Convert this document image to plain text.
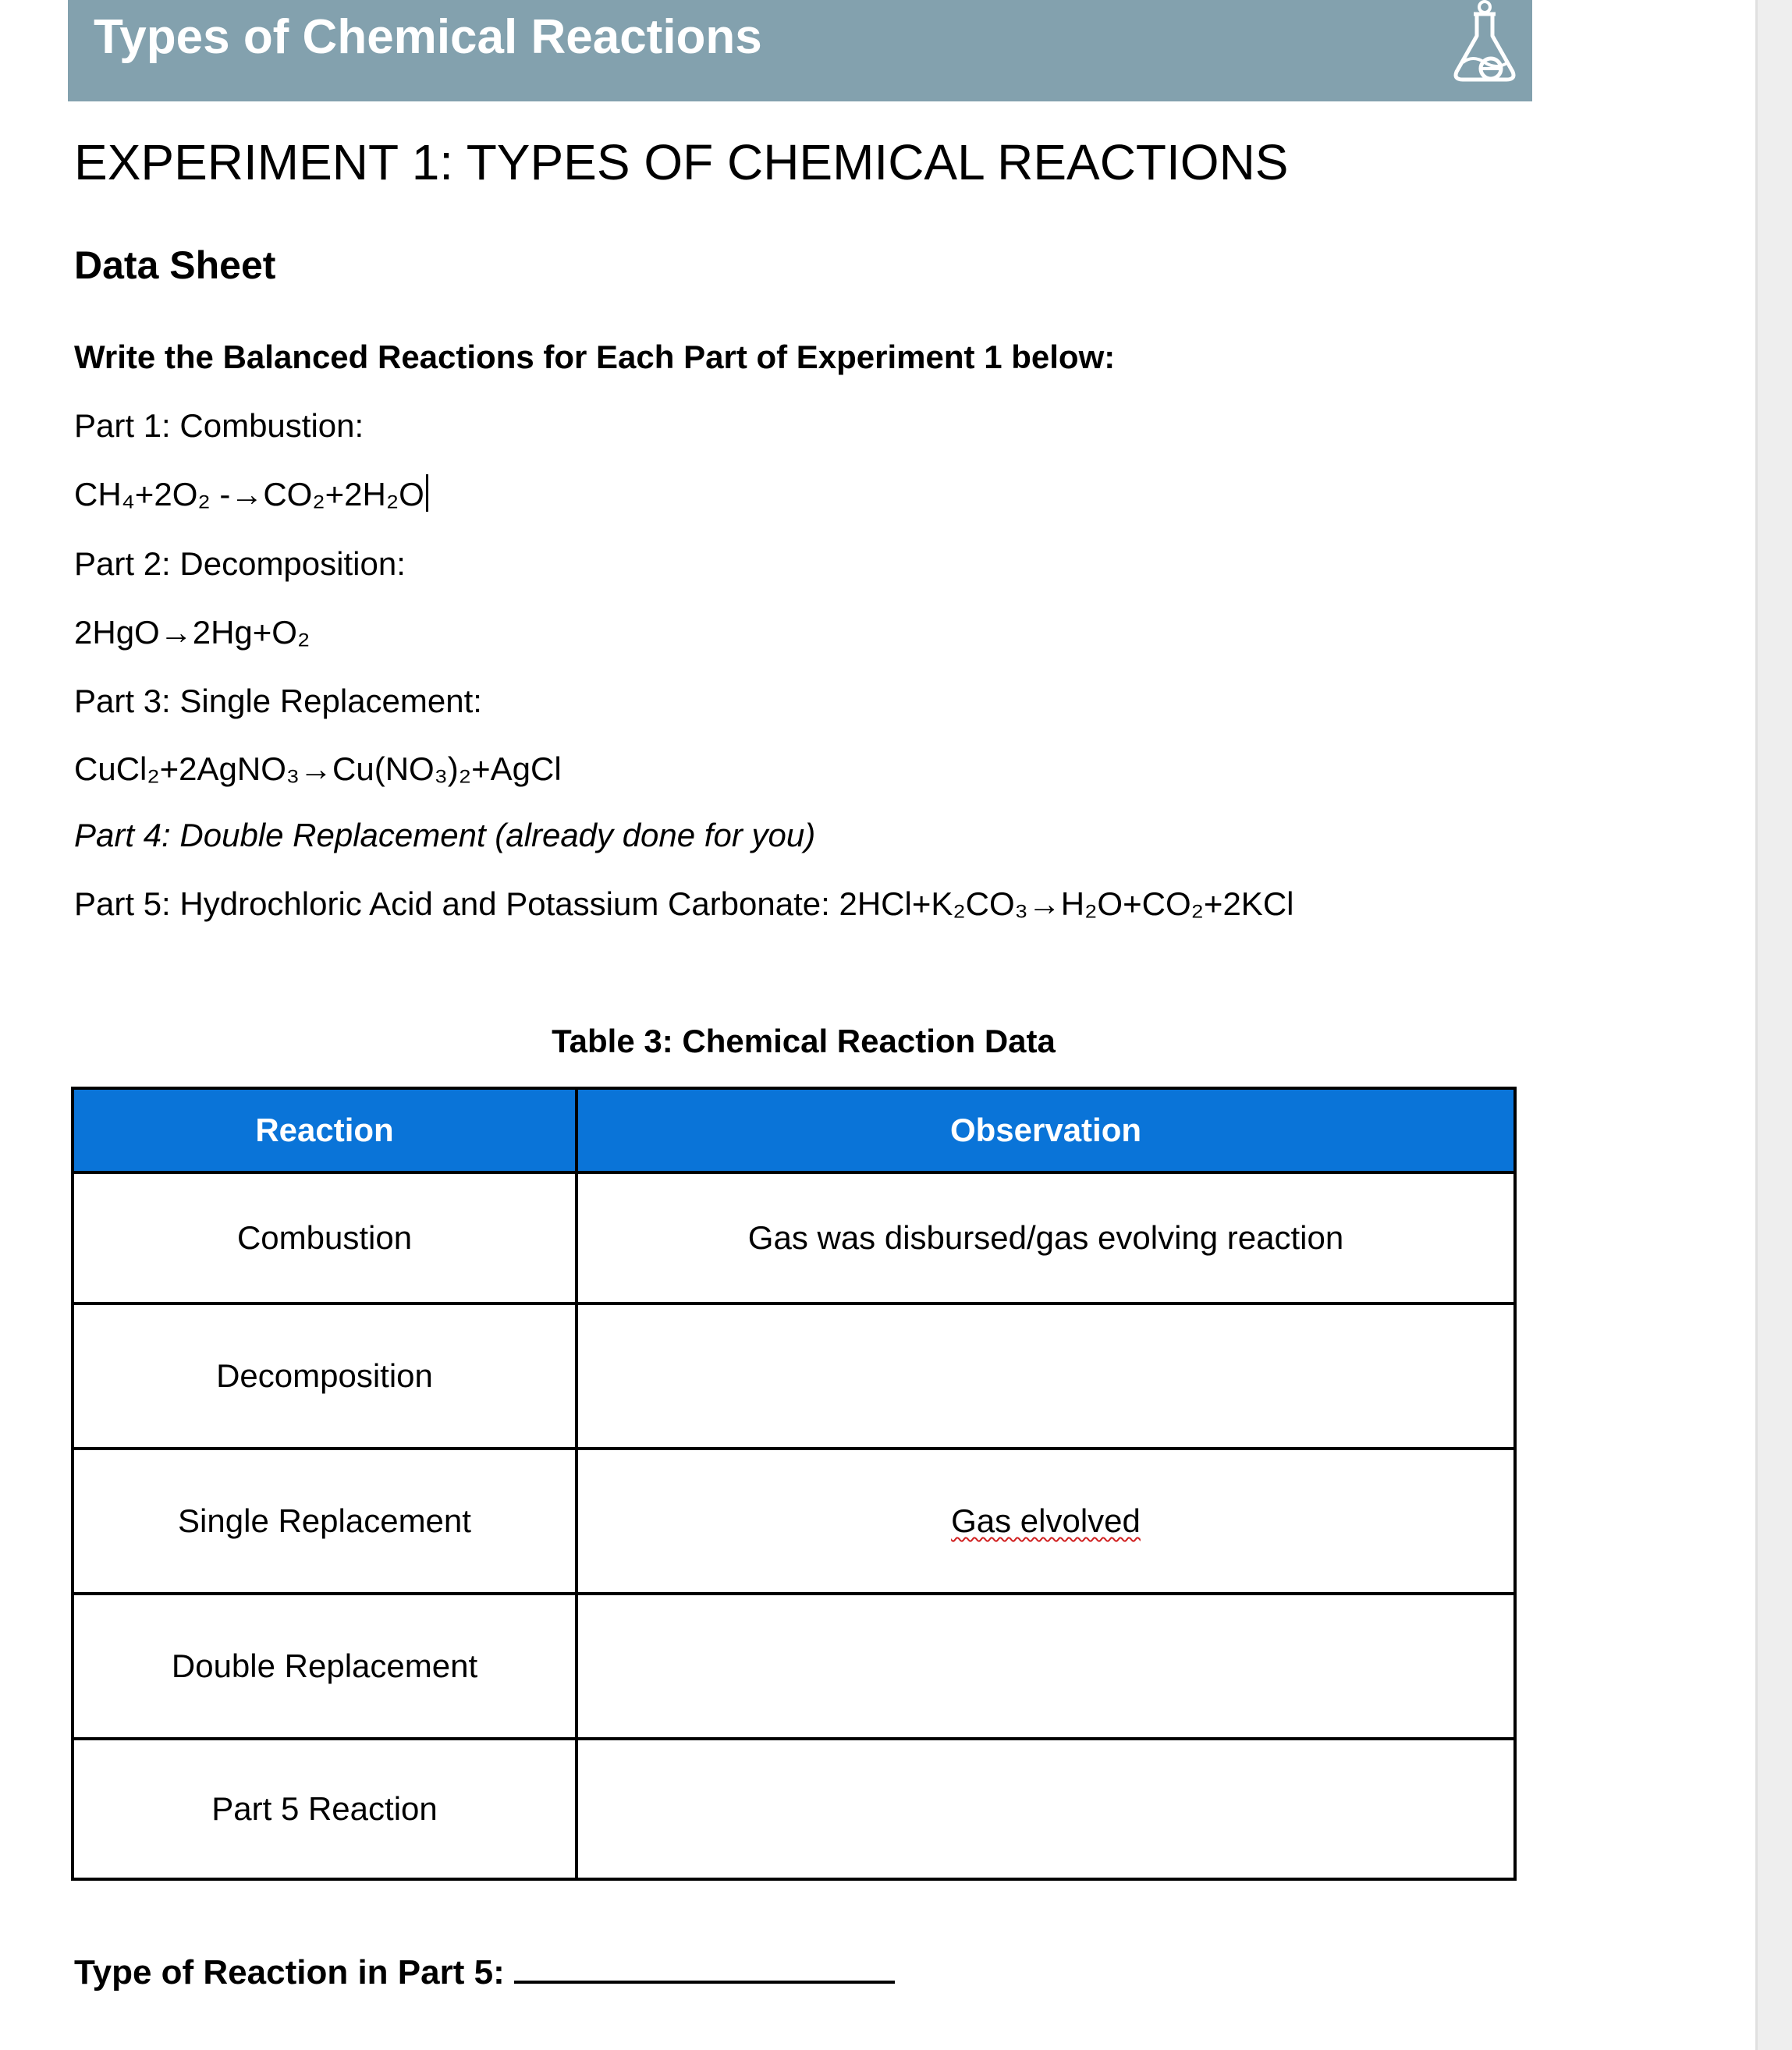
Types of Chemical Reactions
EXPERIMENT 1: TYPES OF CHEMICAL REACTIONS
Data Sheet
Write the Balanced Reactions for Each Part of Experiment 1 below:
Part 1: Combustion:
CH₄+2O₂ -→CO₂+2H₂O
Part 2: Decomposition:
2HgO→2Hg+O₂
Part 3: Single Replacement:
CuCl₂+2AgNO₃→Cu(NO₃)₂+AgCl
Part 4: Double Replacement (already done for you)
Part 5: Hydrochloric Acid and Potassium Carbonate: 2HCl+K₂CO₃→H₂O+CO₂+2KCl
Table 3: Chemical Reaction Data
Reaction	Observation
Combustion	Gas was disbursed/gas evolving reaction
Decomposition	
Single Replacement	Gas elvolved
Double Replacement	
Part 5 Reaction	
Type of Reaction in Part 5:
